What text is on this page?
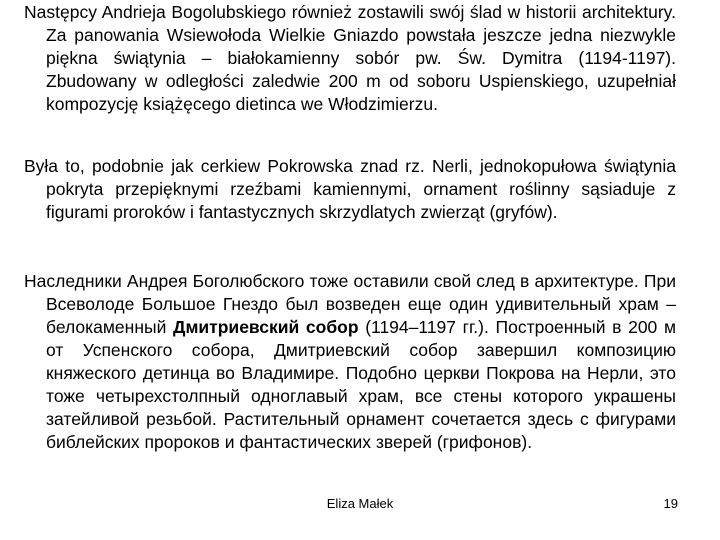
Następcy Andrieja Bogolubskiego również zostawili swój ślad w historii architektury. Za panowania Wsiewołoda Wielkie Gniazdo powstała jeszcze jedna niezwykle piękna świątynia – białokamienny sobór pw. Św. Dymitra (1194-1197). Zbudowany w odległości zaledwie 200 m od soboru Uspienskiego, uzupełniał kompozycję książęcego dietinca we Włodzimierzu.

Była to, podobnie jak cerkiew Pokrowska znad rz. Nerli, jednokopułowa świątynia pokryta przepięknymi rzeźbami kamiennymi, ornament roślinny sąsiaduje z figurami proroków i fantastycznych skrzydlatych zwierząt (gryfów).

Наследники Андрея Боголюбского тоже оставили свой след в архитектуре. При Всеволоде Большое Гнездо был возведен еще один удивительный храм – белокаменный Дмитриевский собор (1194–1197 гг.). Построенный в 200 м от Успенского собора, Дмитриевский собор завершил композицию княжеского детинца во Владимире. Подобно церкви Покрова на Нерли, это тоже четырехстолпный одноглавый храм, все стены которого украшены затейливой резьбой. Растительный орнамент сочетается здесь с фигурами библейских пророков и фантастических зверей (грифонов).

Eliza Małek	19
